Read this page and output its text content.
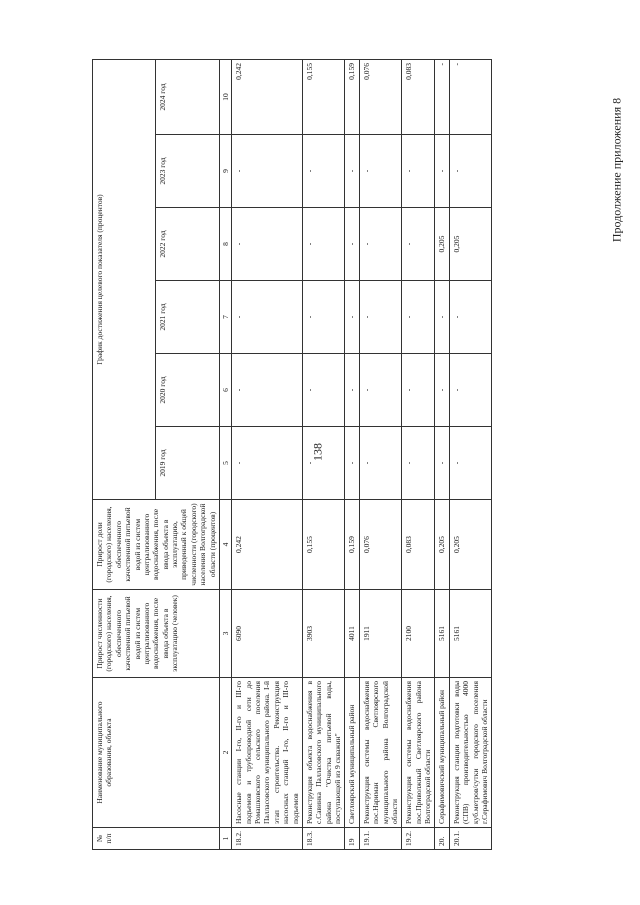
138
Продолжение приложения 8
№ п/п	Наименование муниципального образования, объекта	Прирост численности (городского) населения, обеспеченного качественной питьевой водой из систем централизованного водоснабжения, после ввода объекта в эксплуатацию (человек)	Прирост доли (городского) населения, обеспеченного качественной питьевой водой из систем централизованного водоснабжения, после ввода объекта в эксплуатацию, приведенный к общей численности (городского) населения Волгоградской области (процентов)	График достижения целевого показателя (процентов)					
				2019 год	2020 год	2021 год	2022 год	2023 год	2024 год
1	2	3	4	5	6	7	8	9	10
18.2.	Насосные станции I-го, II-го и III-го подъемов и трубопроводной сети до Ромашковского сельского поселения Палласовского муниципального района. I-й этап строительства. Реконструкция насосных станций I-го, II-го и III-го подъемов	6090	0,242	-	-	-	-	-	0,242
18.3.	Реконструкция объекта водоснабжения в с.Савинка Палласовского муниципального района "Очистка питьевой воды, поступающей из 9 скважин"	3903	0,155	-	-	-	-	-	0,155
19	Светлоярский муниципальный район	4011	0,159	-	-	-	-	-	0,159
19.1.	Реконструкция системы водоснабжения пос.Нариман Светлоярского муниципального района Волгоградской области	1911	0,076	-	-	-	-	-	0,076
19.2.	Реконструкция системы водоснабжения пос.Приволжный Светлоярского района Волгоградской области	2100	0,083	-	-	-	-	-	0,083
20.	Серафимовичский муниципальный район	5161	0,205	-	-	-	0,205	-	-
20.1.	Реконструкция станции подготовки воды (СПВ) производительностью 4000 куб.метров/сутки городского поселения г.Серафимович Волгоградской области	5161	0,205	-	-	-	0,205	-	-
